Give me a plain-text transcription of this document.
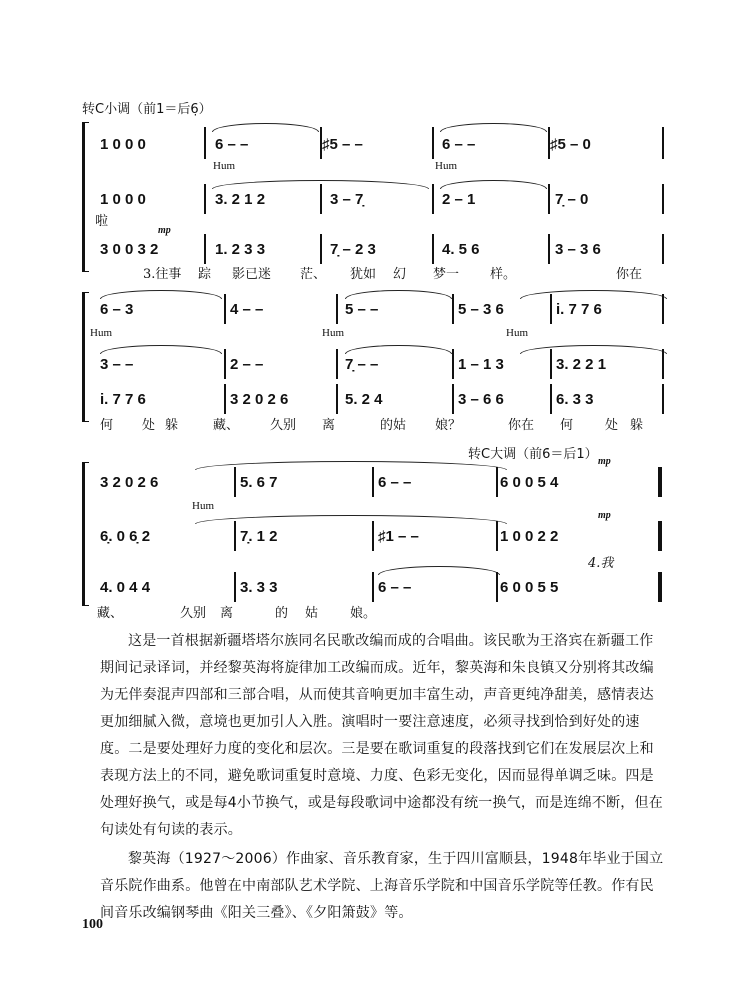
转C小调（前1＝后6̣）
1 0 0 0	6 – –	♯5 – –	6 – –	♯5 – 0
Hum	Hum
1 0 0 0	3. 2 1 2	3 – 7̣	2 – 1	7̣ – 0
啦
mp
3 0 0 3 2	1. 2 3 3	7̣ – 2 3	4. 5 6	3 – 3 6
3.往事 踪 影已迷 茫、 犹如 幻 梦一 样。	你在
6 – 3	4 – –	5 – –	5 – 3 6	i. 7 7 6
Hum	Hum	Hum
3 – –	2 – –	7̣ – –	1 – 1 3	3. 2 2 1
i. 7 7 6	3 2 0 2 6	5. 2 4	3 – 6 6	6. 3 3
何 处 躲	藏、 久别 离	的姑 娘？	你在 何 处 躲
转C大调（前6̇＝后1） mp
3 2 0 2 6	5. 6 7	6 – –	6 0 0 5 4
Hum
mp
6̣. 0 6̣ 2	7̣. 1 2	♯1 – –	1 0 0 2 2
4.我
4. 0 4 4	3. 3 3	6 – –	6 0 0 5 5
藏、	久别 离	的 姑 娘。

这是一首根据新疆塔塔尔族同名民歌改编而成的合唱曲。该民歌为王洛宾在新疆工作期间记录译词，并经黎英海将旋律加工改编而成。近年，黎英海和朱良镇又分别将其改编为无伴奏混声四部和三部合唱，从而使其音响更加丰富生动，声音更纯净甜美，感情表达更加细腻入微，意境也更加引人入胜。演唱时一要注意速度，必须寻找到恰到好处的速度。二是要处理好力度的变化和层次。三是要在歌词重复的段落找到它们在发展层次上和表现方法上的不同，避免歌词重复时意境、力度、色彩无变化，因而显得单调乏味。四是处理好换气，或是每4小节换气，或是每段歌词中途都没有统一换气，而是连绵不断，但在句读处有句读的表示。

黎英海（1927～2006）作曲家、音乐教育家，生于四川富顺县，1948年毕业于国立音乐院作曲系。他曾在中南部队艺术学院、上海音乐学院和中国音乐学院等任教。作有民间音乐改编钢琴曲《阳关三叠》、《夕阳箫鼓》等。

100
